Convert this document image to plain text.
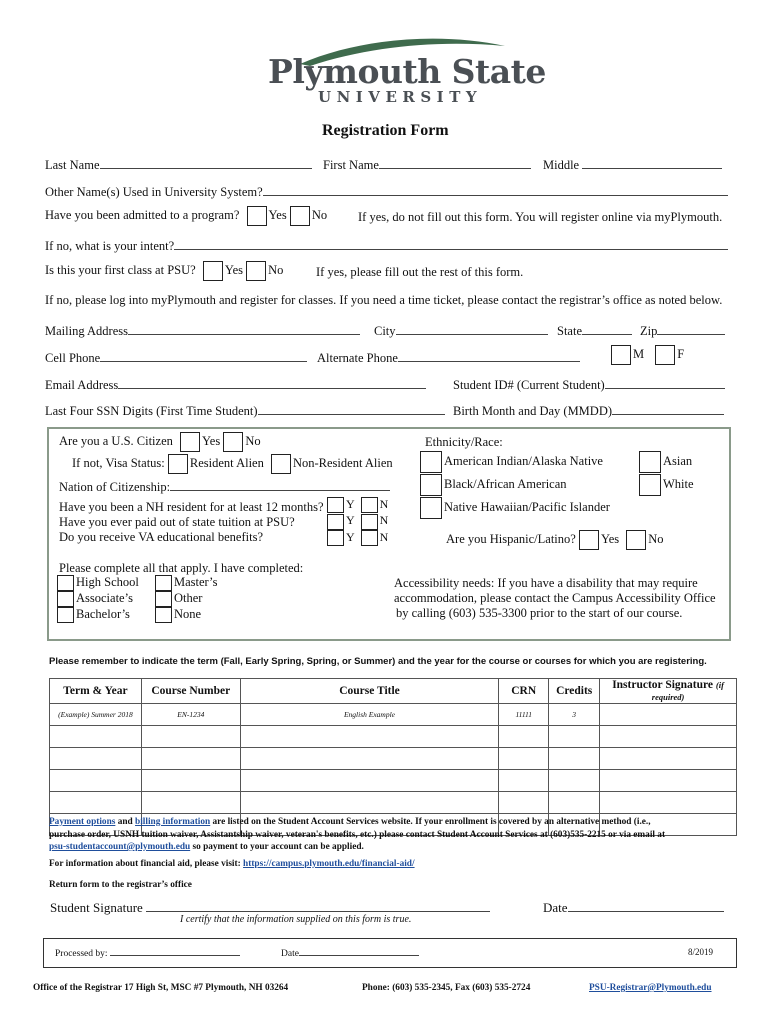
Plymouth State
UNIVERSITY
Registration Form
Last Name	First Name	Middle
Other Name(s) Used in University System?
Have you been admitted to a program? Yes No If yes, do not fill out this form. You will register online via myPlymouth.
If no, what is your intent?
Is this your first class at PSU? Yes No	If yes, please fill out the rest of this form.
If no, please log into myPlymouth and register for classes. If you need a time ticket, please contact the registrar’s office as noted below.
Mailing Address	City	State	Zip
Cell Phone	Alternate Phone	M	F
Email Address	Student ID# (Current Student)
Last Four SSN Digits (First Time Student)	Birth Month and Day (MMDD)
Are you a U.S. Citizen Yes No	Ethnicity/Race:
If not, Visa Status: Resident Alien Non-Resident Alien	American Indian/Alaska Native	Asian
Nation of Citizenship:	Black/African American	White
Have you been a NH resident for at least 12 months?
Have you ever paid out of state tuition at PSU?
Do you receive VA educational benefits?
Y N
Y N
Y N
Native Hawaiian/Pacific Islander
Are you Hispanic/Latino? Yes No
Please complete all that apply. I have completed:
High School
Associate’s
Bachelor’s
Master’s
Other
None
Accessibility needs: If you have a disability that may require
accommodation, please contact the Campus Accessibility Office
by calling (603) 535-3300 prior to the start of our course.
Please remember to indicate the term (Fall, Early Spring, Spring, or Summer) and the year for the course or courses for which you are registering.
Term & Year	Course Number	Course Title	CRN	Credits	Instructor Signature (if required)
(Example) Summer 2018	EN-1234	English Example	11111	3	

Payment options and billing information are listed on the Student Account Services website. If your enrollment is covered by an alternative method (i.e.,
purchase order, USNH tuition waiver, Assistantship waiver, veteran's benefits, etc.) please contact Student Account Services at (603)535-2215 or via email at
psu-studentaccount@plymouth.edu so payment to your account can be applied.
For information about financial aid, please visit: https://campus.plymouth.edu/financial-aid/
Return form to the registrar’s office
Student Signature	Date
I certify that the information supplied on this form is true.
Processed by:	Date	8/2019
Office of the Registrar 17 High St, MSC #7 Plymouth, NH 03264	Phone: (603) 535-2345, Fax (603) 535-2724	PSU-Registrar@Plymouth.edu
